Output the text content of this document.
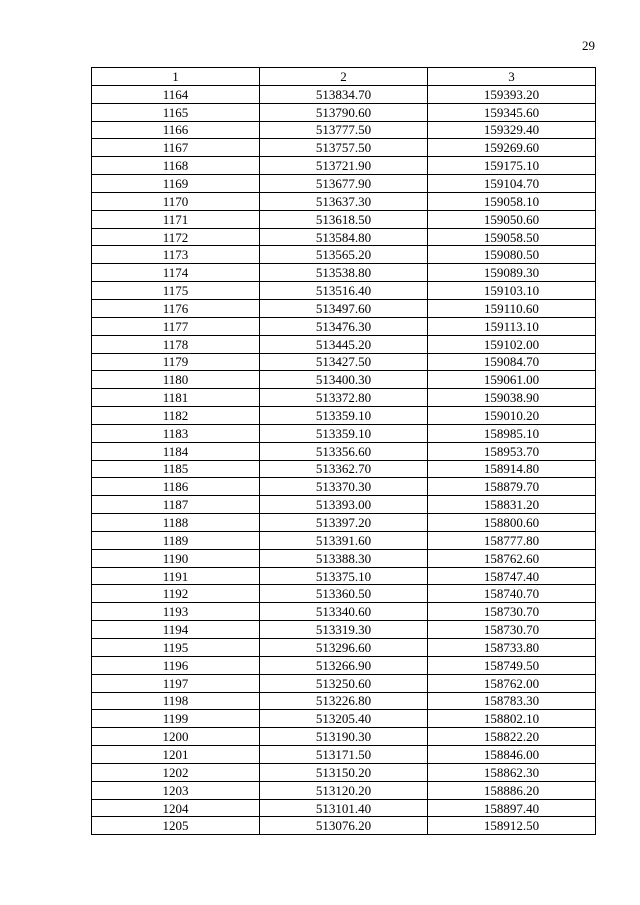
29
1	2	3
1164	513834.70	159393.20
1165	513790.60	159345.60
1166	513777.50	159329.40
1167	513757.50	159269.60
1168	513721.90	159175.10
1169	513677.90	159104.70
1170	513637.30	159058.10
1171	513618.50	159050.60
1172	513584.80	159058.50
1173	513565.20	159080.50
1174	513538.80	159089.30
1175	513516.40	159103.10
1176	513497.60	159110.60
1177	513476.30	159113.10
1178	513445.20	159102.00
1179	513427.50	159084.70
1180	513400.30	159061.00
1181	513372.80	159038.90
1182	513359.10	159010.20
1183	513359.10	158985.10
1184	513356.60	158953.70
1185	513362.70	158914.80
1186	513370.30	158879.70
1187	513393.00	158831.20
1188	513397.20	158800.60
1189	513391.60	158777.80
1190	513388.30	158762.60
1191	513375.10	158747.40
1192	513360.50	158740.70
1193	513340.60	158730.70
1194	513319.30	158730.70
1195	513296.60	158733.80
1196	513266.90	158749.50
1197	513250.60	158762.00
1198	513226.80	158783.30
1199	513205.40	158802.10
1200	513190.30	158822.20
1201	513171.50	158846.00
1202	513150.20	158862.30
1203	513120.20	158886.20
1204	513101.40	158897.40
1205	513076.20	158912.50
